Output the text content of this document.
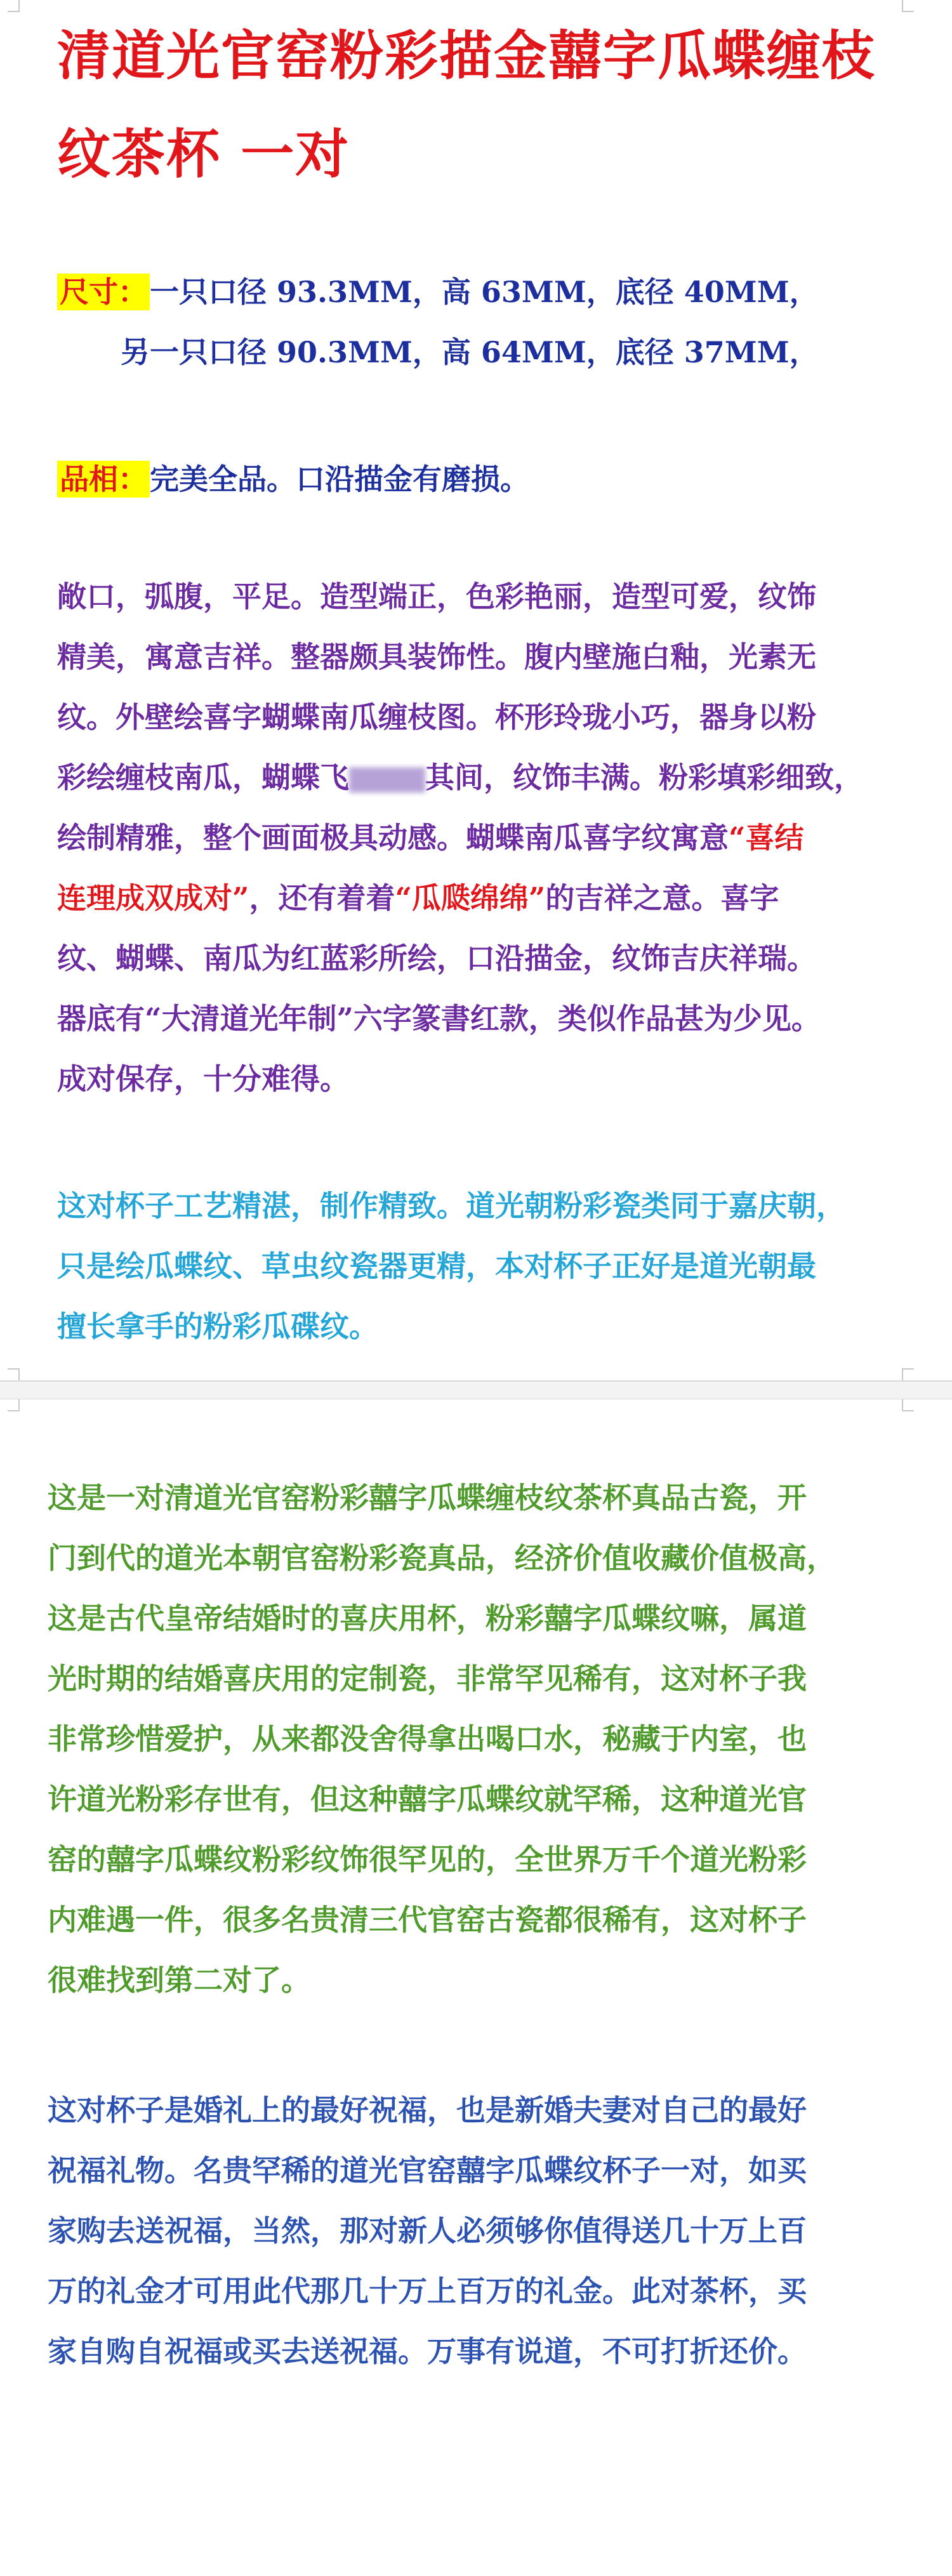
清道光官窑粉彩描金囍字瓜蝶缠枝
纹茶杯 一对
尺寸：一只口径 93.3MM，高 63MM，底径 40MM，
另一只口径 90.3MM，高 64MM，底径 37MM，
品相：完美全品。口沿描金有磨损。
敞口，弧腹，平足。造型端正，色彩艳丽，造型可爱，纹饰
精美，寓意吉祥。整器颇具装饰性。腹内壁施白釉，光素无
纹。外壁绘喜字蝴蝶南瓜缠枝图。杯形玲珑小巧，器身以粉
彩绘缠枝南瓜，蝴蝶飞	其间，纹饰丰满。粉彩填彩细致，
绘制精雅，整个画面极具动感。蝴蝶南瓜喜字纹寓意“喜结
连理成双成对”，还有着着“瓜瓞绵绵”的吉祥之意。喜字
纹、蝴蝶、南瓜为红蓝彩所绘，口沿描金，纹饰吉庆祥瑞。
器底有“大清道光年制”六字篆書红款，类似作品甚为少见。
成对保存，十分难得。
这对杯子工艺精湛，制作精致。道光朝粉彩瓷类同于嘉庆朝，
只是绘瓜蝶纹、草虫纹瓷器更精，本对杯子正好是道光朝最
擅长拿手的粉彩瓜碟纹。
这是一对清道光官窑粉彩囍字瓜蝶缠枝纹茶杯真品古瓷，开
门到代的道光本朝官窑粉彩瓷真品，经济价值收藏价值极高，
这是古代皇帝结婚时的喜庆用杯，粉彩囍字瓜蝶纹嘛，属道
光时期的结婚喜庆用的定制瓷，非常罕见稀有，这对杯子我
非常珍惜爱护，从来都没舍得拿出喝口水，秘藏于内室，也
许道光粉彩存世有，但这种囍字瓜蝶纹就罕稀，这种道光官
窑的囍字瓜蝶纹粉彩纹饰很罕见的，全世界万千个道光粉彩
内难遇一件，很多名贵清三代官窑古瓷都很稀有，这对杯子
很难找到第二对了。
这对杯子是婚礼上的最好祝福，也是新婚夫妻对自己的最好
祝福礼物。名贵罕稀的道光官窑囍字瓜蝶纹杯子一对，如买
家购去送祝福，当然，那对新人必须够你值得送几十万上百
万的礼金才可用此代那几十万上百万的礼金。此对茶杯，买
家自购自祝福或买去送祝福。万事有说道，不可打折还价。
